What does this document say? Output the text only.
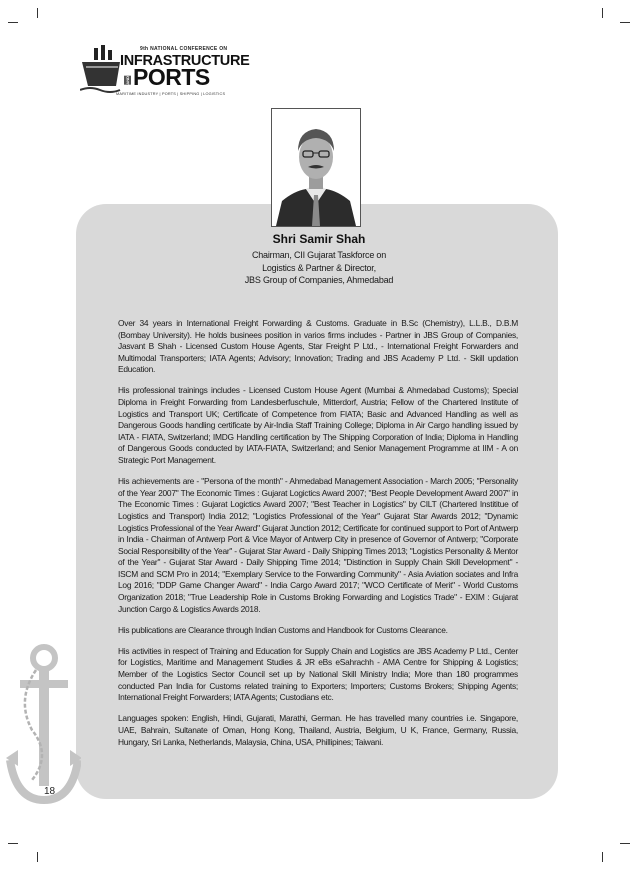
9th NATIONAL CONFERENCE ON
INFRASTRUCTURE
AND PORTS
MARITIME INDUSTRY | PORTS | SHIPPING | LOGISTICS
Shri Samir Shah
Chairman, CII Gujarat Taskforce on
Logistics & Partner & Director,
JBS Group of Companies, Ahmedabad

Over 34 years in International Freight Forwarding & Customs. Graduate in B.Sc (Chemistry), L.L.B., D.B.M (Bombay University). He holds businees position in varios firms includes - Partner in JBS Group of Companies, Jasvant B Shah - Licensed Custom House Agents, Star Freight P Ltd., - International Freight Forwarders and Multimodal Transporters; IATA Agents; Advisory; Innovation; Trading and JBS Academy P Ltd. - Skill updation Education.

His professional trainings includes - Licensed Custom House Agent (Mumbai & Ahmedabad Customs); Special Diploma in Freight Forwarding from Landesberfuschule, Mitterdorf, Austria; Fellow of the Chartered Institute of Logistics and Transport UK; Certificate of Competence from FIATA; Basic and Advanced Handling as well as Dangerous Goods handling certificate by Air-India Staff Training College; Diploma in Air Cargo handling issued by IATA - FIATA, Switzerland; IMDG Handling certification by The Shipping Corporation of India; Diploma in Handling of Dangerous Goods conducted by IATA-FIATA, Switzerland; and Senior Management Programme at IIM - A on Strategic Port Management.

His achievements are - "Persona of the month" - Ahmedabad Management Association - March 2005; "Personality of the Year 2007" The Economic Times : Gujarat Logictics Award 2007; "Best People Development Award 2007" in The Economic Times : Gujarat Logictics Award 2007; "Best Teacher in Logistics" by CILT (Chartered Instititue of Logistics and Transport) India 2012; "Logistics Professional of the Year" Gujarat Star Awards 2012; "Dynamic Logistics Professional of the Year Award" Gujarat Junction 2012; Certificate for continued support to Port of Antwerp in India - Chairman of Antwerp Port & Vice Mayor of Antwerp City in presence of Governor of Antwerp; "Corporate Social Responsibility of the Year" - Gujarat Star Award - Daily Shipping Times 2013; "Logistics Personality & Mentor of the Year" - Gujarat Star Award - Daily Shipping Time 2014; "Distinction in Supply Chain Skill Development" - ISCM and SCM Pro in 2014; "Exemplary Service to the Forwarding Community" - Asia Aviation sociates and Infra Log 2016; "DDP Game Changer Award" - India Cargo Award 2017; "WCO Certificate of Merit" - World Customs Organization 2018; "True Leadership Role in Customs Broking Forwarding and Logistics Trade" - EXIM : Gujarat Junction Cargo & Logistics Awards 2018.

His publications are Clearance through Indian Customs and Handbook for Customs Clearance.

His activities in respect of Training and Education for Supply Chain and Logistics are JBS Academy P Ltd., Center for Logistics, Maritime and Management Studies & JR eBs eSahrachh - AMA Centre for Shipping & Logistics; Member of the Logistics Sector Council set up by National Skill Ministry India; More than 180 programmes conducted Pan India for Customs related training to Exporters; Importers; Customs Brokers; Shipping Agents; International Freight Forwarders; IATA Agents; Custodians etc.

Languages spoken: English, Hindi, Gujarati, Marathi, German. He has travelled many countries i.e. Singapore, UAE, Bahrain, Sultanate of Oman, Hong Kong, Thailand, Austria, Belgium, U K, France, Germany, Russia, Hungary, Sri Lanka, Netherlands, Malaysia, China, USA, Phillipines; Taiwani.

18
